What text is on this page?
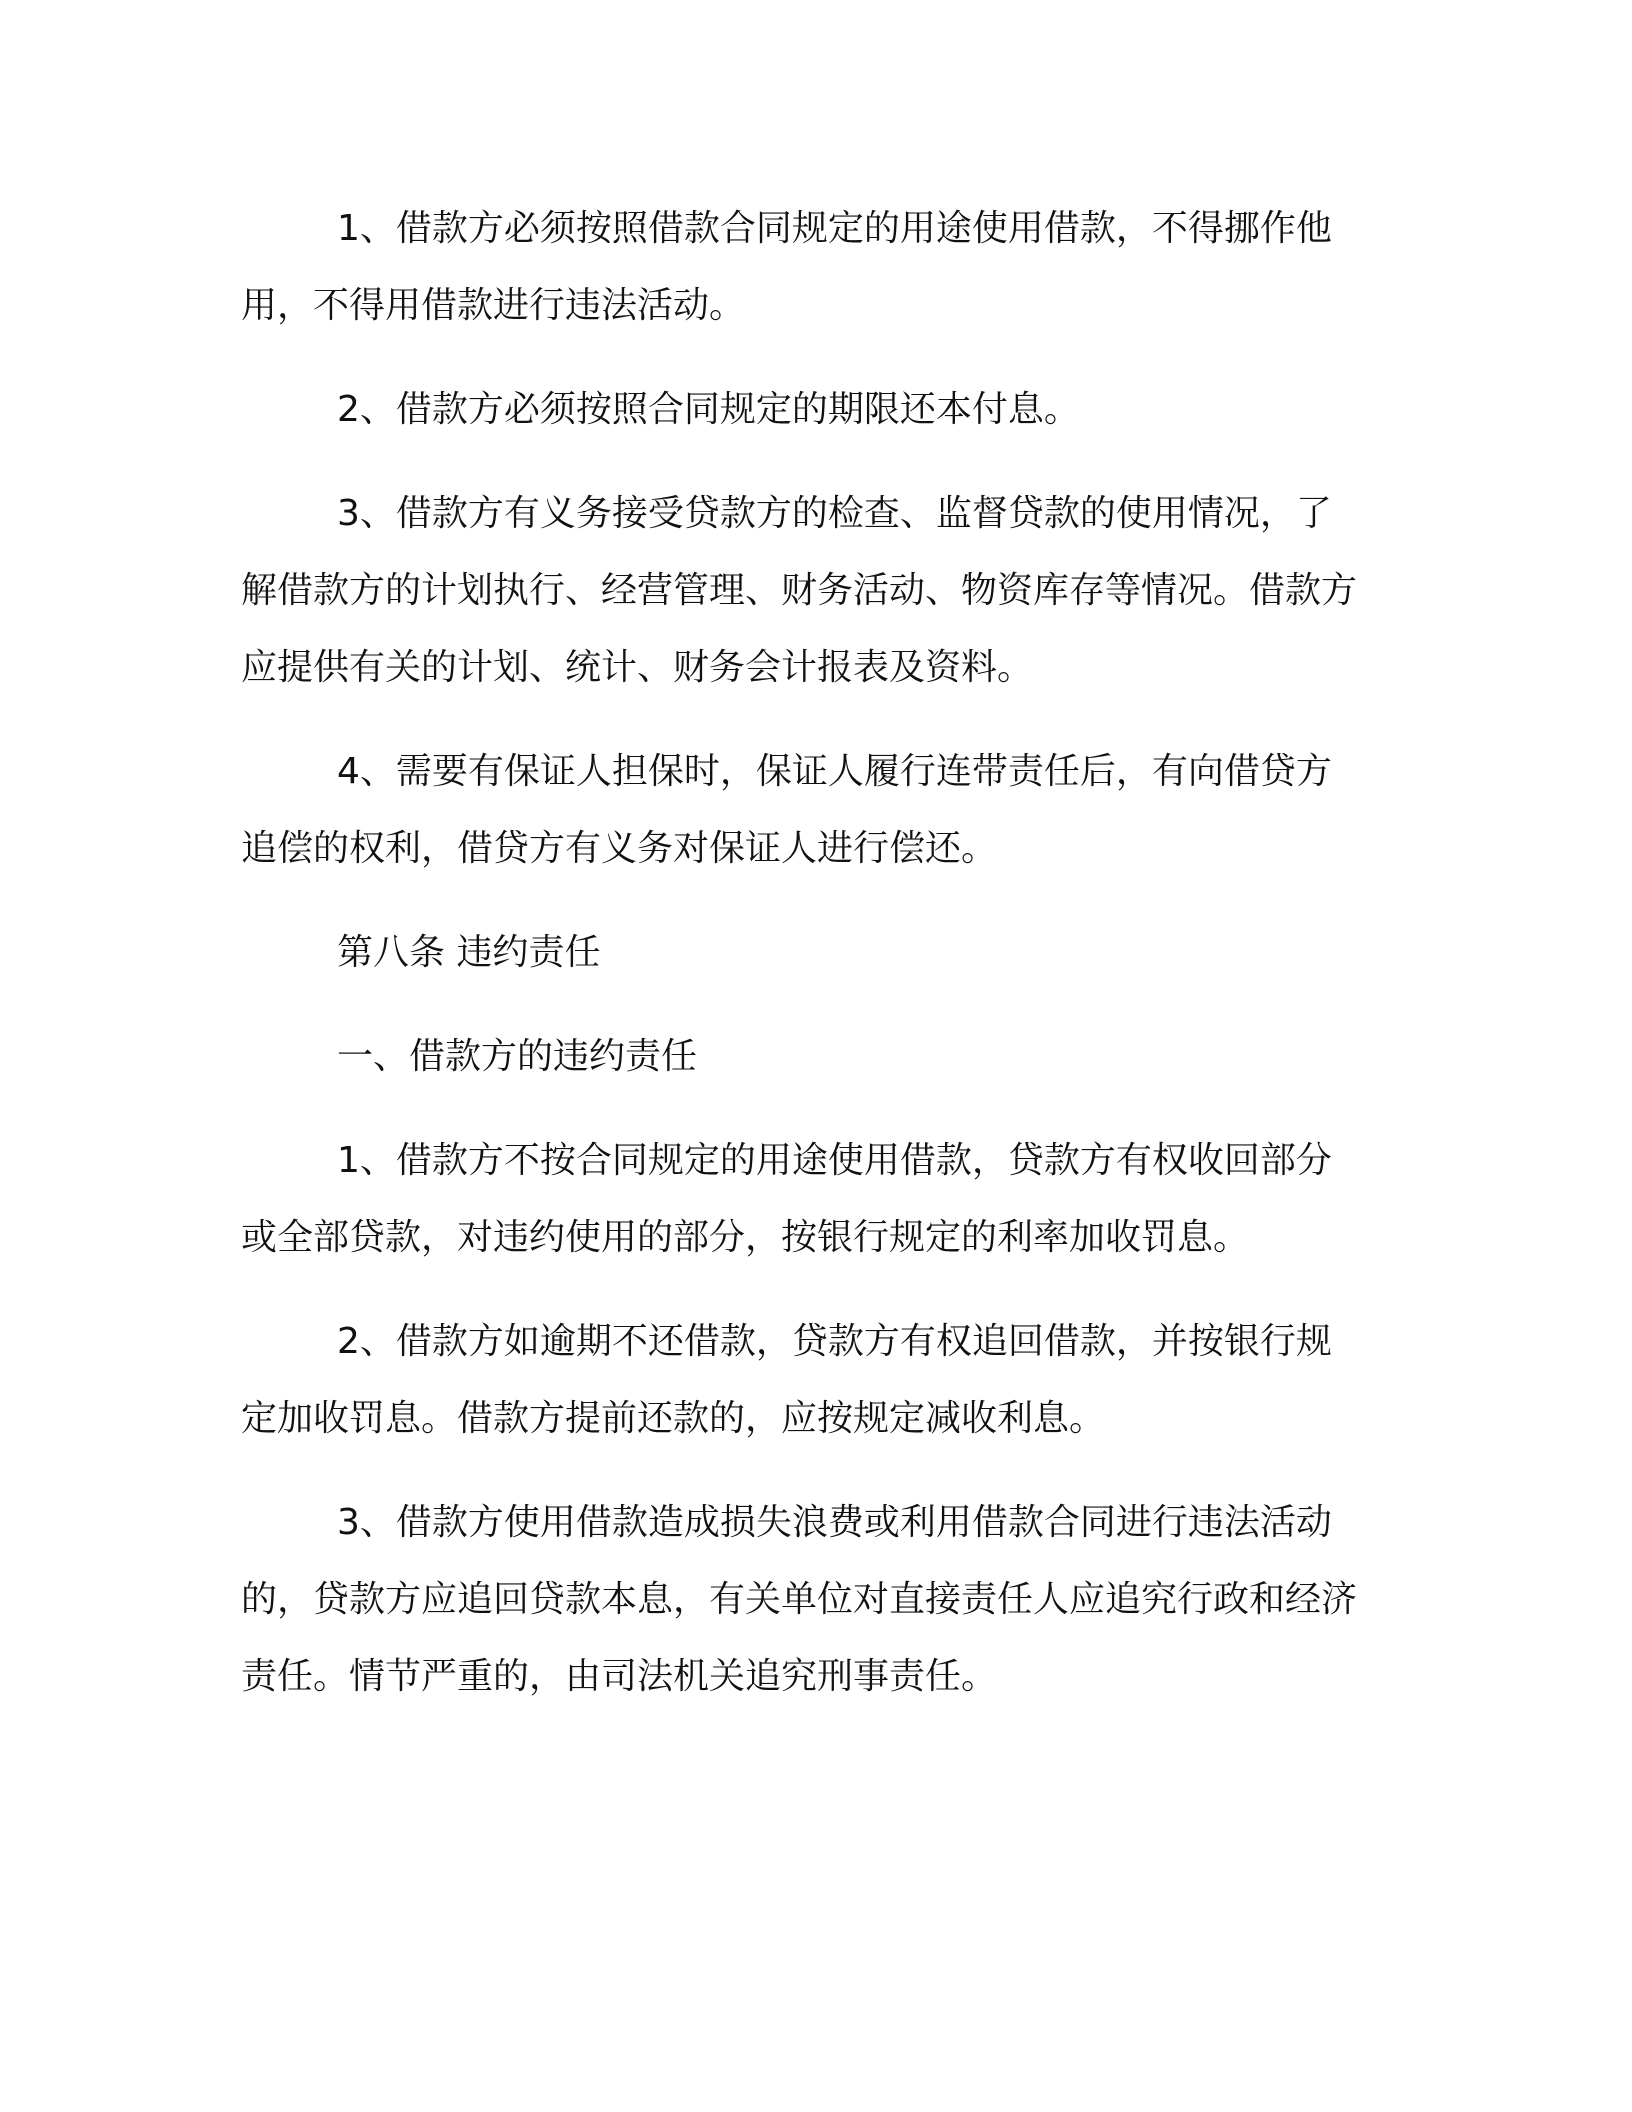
1、借款方必须按照借款合同规定的用途使用借款，不得挪作他用，不得用借款进行违法活动。

2、借款方必须按照合同规定的期限还本付息。

3、借款方有义务接受贷款方的检查、监督贷款的使用情况，了解借款方的计划执行、经营管理、财务活动、物资库存等情况。借款方应提供有关的计划、统计、财务会计报表及资料。

4、需要有保证人担保时，保证人履行连带责任后，有向借贷方追偿的权利，借贷方有义务对保证人进行偿还。

第八条 违约责任

一、借款方的违约责任

1、借款方不按合同规定的用途使用借款，贷款方有权收回部分或全部贷款，对违约使用的部分，按银行规定的利率加收罚息。

2、借款方如逾期不还借款，贷款方有权追回借款，并按银行规定加收罚息。借款方提前还款的，应按规定减收利息。

3、借款方使用借款造成损失浪费或利用借款合同进行违法活动的，贷款方应追回贷款本息，有关单位对直接责任人应追究行政和经济责任。情节严重的，由司法机关追究刑事责任。
